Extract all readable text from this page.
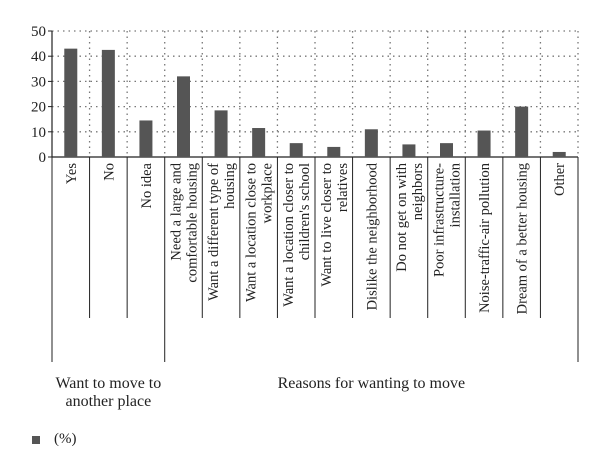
0
10
20
30
40
50
Yes No No idea Need a large and comfortable housing Want a different type of housing Want a location close to workplace Want a location closer to children's school Want to live closer to relatives Dislike the neighborhood Do not get on with neighbors Poor infrastructure- installation Noise-traffic-air pollution Dream of a better housing Other
Want to move to
another place
Reasons for wanting to move
(%)
